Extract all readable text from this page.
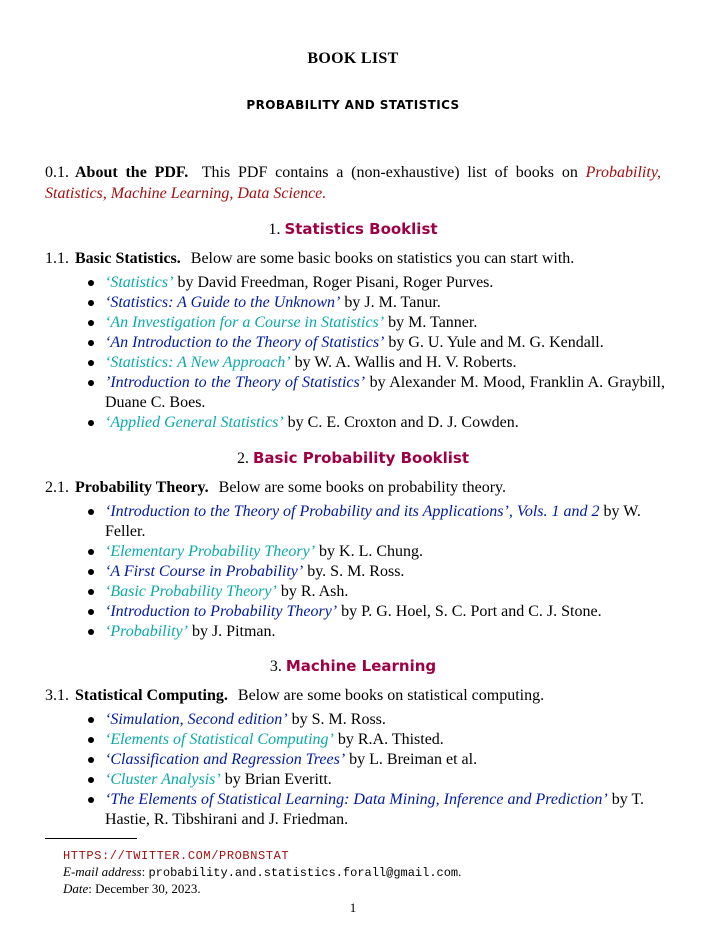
BOOK LIST
PROBABILITY AND STATISTICS
0.1. About the PDF. This PDF contains a (non-exhaustive) list of books on Probability, Statistics, Machine Learning, Data Science.
1. Statistics Booklist
1.1. Basic Statistics. Below are some basic books on statistics you can start with.
‘Statistics’ by David Freedman, Roger Pisani, Roger Purves.
‘Statistics: A Guide to the Unknown’ by J. M. Tanur.
‘An Investigation for a Course in Statistics’ by M. Tanner.
‘An Introduction to the Theory of Statistics’ by G. U. Yule and M. G. Kendall.
‘Statistics: A New Approach’ by W. A. Wallis and H. V. Roberts.
’Introduction to the Theory of Statistics’ by Alexander M. Mood, Franklin A. Graybill, Duane C. Boes.
‘Applied General Statistics’ by C. E. Croxton and D. J. Cowden.
2. Basic Probability Booklist
2.1. Probability Theory. Below are some books on probability theory.
‘Introduction to the Theory of Probability and its Applications’, Vols. 1 and 2 by W. Feller.
‘Elementary Probability Theory’ by K. L. Chung.
‘A First Course in Probability’ by. S. M. Ross.
‘Basic Probability Theory’ by R. Ash.
‘Introduction to Probability Theory’ by P. G. Hoel, S. C. Port and C. J. Stone.
‘Probability’ by J. Pitman.
3. Machine Learning
3.1. Statistical Computing. Below are some books on statistical computing.
‘Simulation, Second edition’ by S. M. Ross.
‘Elements of Statistical Computing’ by R.A. Thisted.
‘Classification and Regression Trees’ by L. Breiman et al.
‘Cluster Analysis’ by Brian Everitt.
‘The Elements of Statistical Learning: Data Mining, Inference and Prediction’ by T. Hastie, R. Tibshirani and J. Friedman.
HTTPS://TWITTER.COM/PROBNSTAT
E-mail address: probability.and.statistics.forall@gmail.com.
Date: December 30, 2023.
1
